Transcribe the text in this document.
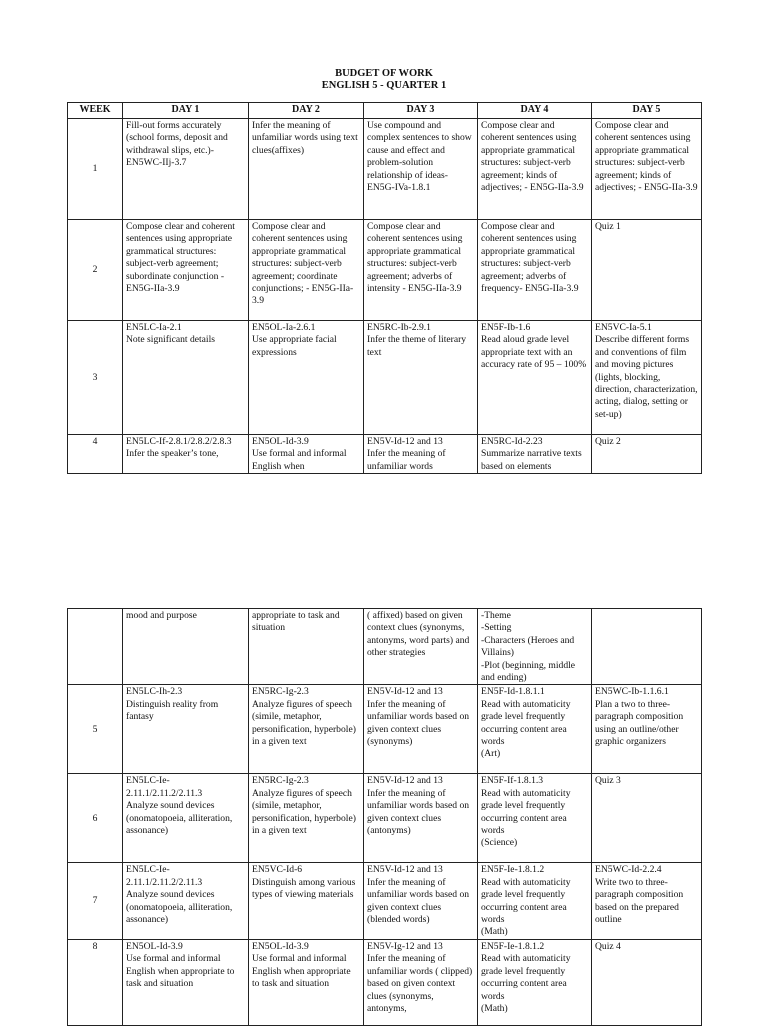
BUDGET OF WORK
ENGLISH 5 - QUARTER 1
WEEK	DAY 1	DAY 2	DAY 3	DAY 4	DAY 5
1	Fill-out forms accurately (school forms, deposit and withdrawal slips, etc.)- EN5WC-IIj-3.7	Infer the meaning of unfamiliar words using text clues(affixes)	Use compound and complex sentences to show cause and effect and problem-solution relationship of ideas- EN5G-IVa-1.8.1	Compose clear and coherent sentences using appropriate grammatical structures: subject-verb agreement; kinds of adjectives; - EN5G-IIa-3.9	Compose clear and coherent sentences using appropriate grammatical structures: subject-verb agreement; kinds of adjectives; - EN5G-IIa-3.9
2	Compose clear and coherent sentences using appropriate grammatical structures: subject-verb agreement; subordinate conjunction - EN5G-IIa-3.9	Compose clear and coherent sentences using appropriate grammatical structures: subject-verb agreement; coordinate conjunctions; - EN5G-IIa-3.9	Compose clear and coherent sentences using appropriate grammatical structures: subject-verb agreement; adverbs of intensity - EN5G-IIa-3.9	Compose clear and coherent sentences using appropriate grammatical structures: subject-verb agreement; adverbs of frequency- EN5G-IIa-3.9	Quiz 1
3	EN5LC-Ia-2.1
Note significant details	EN5OL-Ia-2.6.1
Use appropriate facial expressions	EN5RC-Ib-2.9.1
Infer the theme of literary text	EN5F-Ib-1.6
Read aloud grade level appropriate text with an accuracy rate of 95 – 100%	EN5VC-Ia-5.1
Describe different forms and conventions of film and moving pictures (lights, blocking, direction, characterization, acting, dialog, setting or set-up)
4	EN5LC-If-2.8.1/2.8.2/2.8.3
Infer the speaker’s tone,	EN5OL-Id-3.9
Use formal and informal English when	EN5V-Id-12 and 13
Infer the meaning of unfamiliar words	EN5RC-Id-2.23
Summarize narrative texts based on elements	Quiz 2
	mood and purpose	appropriate to task and situation	( affixed) based on given context clues (synonyms, antonyms, word parts) and other strategies	-Theme
-Setting
-Characters (Heroes and Villains)
-Plot (beginning, middle and ending)	
5	EN5LC-Ih-2.3
Distinguish reality from fantasy	EN5RC-Ig-2.3
Analyze figures of speech (simile, metaphor, personification, hyperbole) in a given text	EN5V-Id-12 and 13
Infer the meaning of unfamiliar words based on given context clues (synonyms)	EN5F-Id-1.8.1.1
Read with automaticity grade level frequently occurring content area words
(Art)	EN5WC-Ib-1.1.6.1
Plan a two to three-paragraph composition using an outline/other graphic organizers
6	EN5LC-Ie-2.11.1/2.11.2/2.11.3
Analyze sound devices (onomatopoeia, alliteration, assonance)	EN5RC-Ig-2.3
Analyze figures of speech (simile, metaphor, personification, hyperbole) in a given text	EN5V-Id-12 and 13
Infer the meaning of unfamiliar words based on given context clues (antonyms)	EN5F-If-1.8.1.3
Read with automaticity grade level frequently occurring content area words
(Science)	Quiz 3
7	EN5LC-Ie-2.11.1/2.11.2/2.11.3
Analyze sound devices (onomatopoeia, alliteration, assonance)	EN5VC-Id-6
Distinguish among various types of viewing materials	EN5V-Id-12 and 13
Infer the meaning of unfamiliar words based on given context clues (blended words)	EN5F-Ie-1.8.1.2
Read with automaticity grade level frequently occurring content area words
(Math)	EN5WC-Id-2.2.4
Write two to three-paragraph composition based on the prepared outline
8	EN5OL-Id-3.9
Use formal and informal English when appropriate to task and situation	EN5OL-Id-3.9
Use formal and informal English when appropriate to task and situation	EN5V-Ig-12 and 13
Infer the meaning of unfamiliar words ( clipped) based on given context clues (synonyms, antonyms,	EN5F-Ie-1.8.1.2
Read with automaticity grade level frequently occurring content area words
(Math)	Quiz 4
